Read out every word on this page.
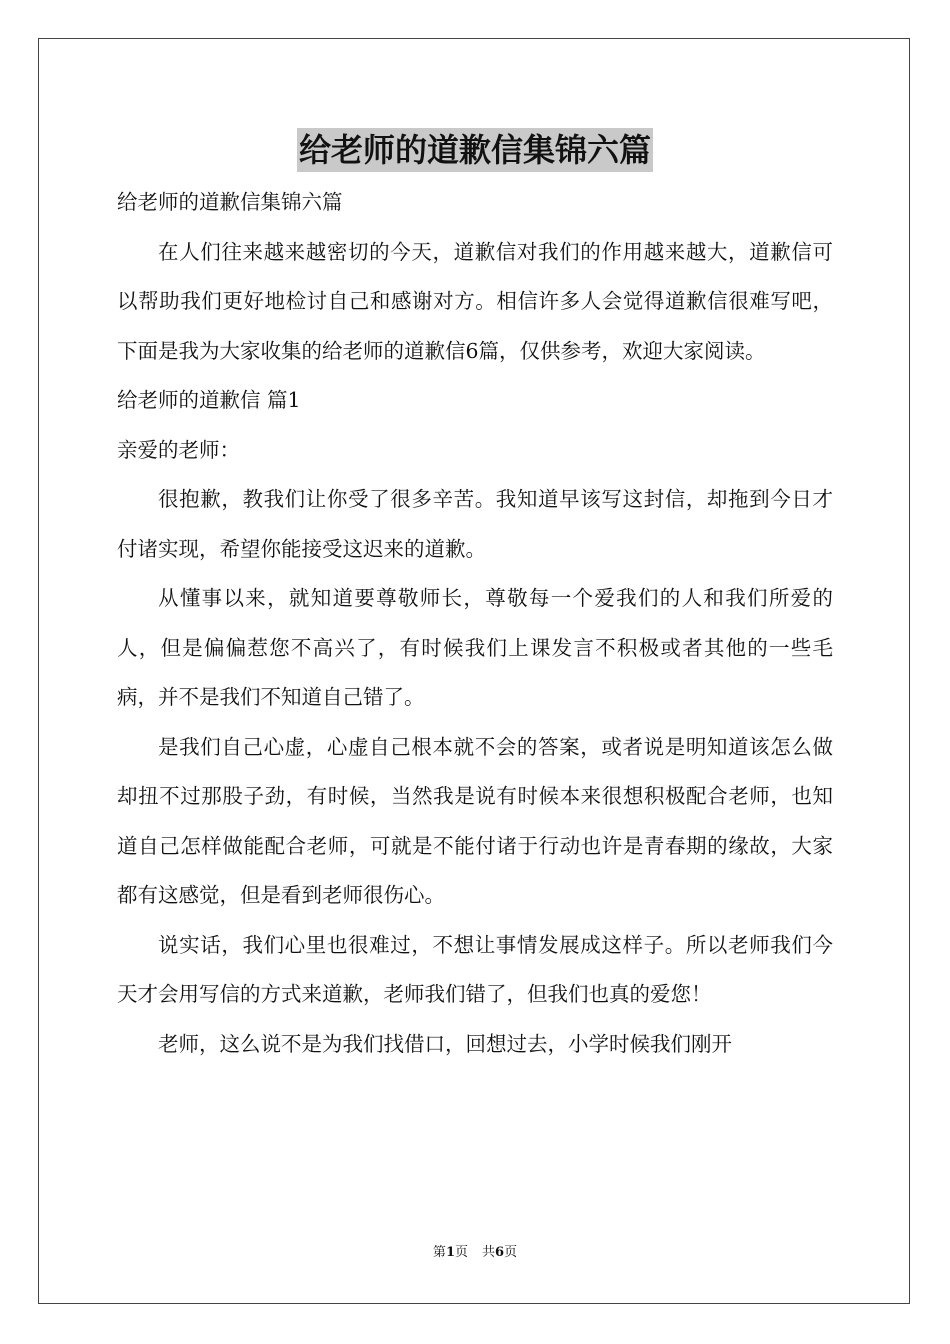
给老师的道歉信集锦六篇

给老师的道歉信集锦六篇

在人们往来越来越密切的今天，道歉信对我们的作用越来越大，道歉信可以帮助我们更好地检讨自己和感谢对方。相信许多人会觉得道歉信很难写吧，下面是我为大家收集的给老师的道歉信6篇，仅供参考，欢迎大家阅读。

给老师的道歉信 篇1

亲爱的老师：

很抱歉，教我们让你受了很多辛苦。我知道早该写这封信，却拖到今日才付诸实现，希望你能接受这迟来的道歉。

从懂事以来，就知道要尊敬师长，尊敬每一个爱我们的人和我们所爱的人，但是偏偏惹您不高兴了，有时候我们上课发言不积极或者其他的一些毛病，并不是我们不知道自己错了。

是我们自己心虚，心虚自己根本就不会的答案，或者说是明知道该怎么做却扭不过那股子劲，有时候，当然我是说有时候本来很想积极配合老师，也知道自己怎样做能配合老师，可就是不能付诸于行动也许是青春期的缘故，大家都有这感觉，但是看到老师很伤心。

说实话，我们心里也很难过，不想让事情发展成这样子。所以老师我们今天才会用写信的方式来道歉，老师我们错了，但我们也真的爱您！

老师，这么说不是为我们找借口，回想过去，小学时候我们刚开

第1页 共6页
